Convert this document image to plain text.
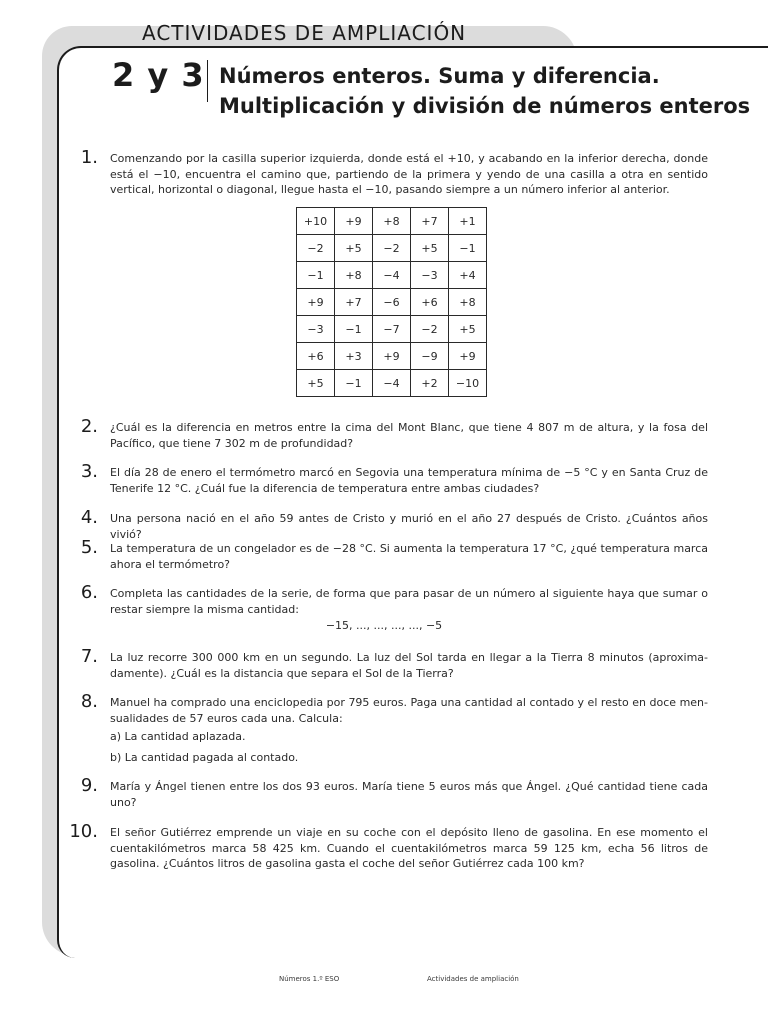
ACTIVIDADES DE AMPLIACIÓN
2 y 3 Números enteros. Suma y diferencia.
Multiplicación y división de números enteros
1. Comenzando por la casilla superior izquierda, donde está el +10, y acabando en la inferior derecha, donde está el −10, encuentra el camino que, partiendo de la primera y yendo de una casilla a otra en sentido vertical, horizontal o diagonal, llegue hasta el −10, pasando siempre a un número inferior al anterior.
+10	+9	+8	+7	+1
−2	+5	−2	+5	−1
−1	+8	−4	−3	+4
+9	+7	−6	+6	+8
−3	−1	−7	−2	+5
+6	+3	+9	−9	+9
+5	−1	−4	+2	−10
2. ¿Cuál es la diferencia en metros entre la cima del Mont Blanc, que tiene 4 807 m de altura, y la fosa del Pacífico, que tiene 7 302 m de profundidad?
3. El día 28 de enero el termómetro marcó en Segovia una temperatura mínima de −5 °C y en Santa Cruz de Tenerife 12 °C. ¿Cuál fue la diferencia de temperatura entre ambas ciudades?
4. Una persona nació en el año 59 antes de Cristo y murió en el año 27 después de Cristo. ¿Cuántos años vivió?
5. La temperatura de un congelador es de −28 °C. Si aumenta la temperatura 17 °C, ¿qué temperatura marca ahora el termómetro?
6. Completa las cantidades de la serie, de forma que para pasar de un número al siguiente haya que sumar o restar siempre la misma cantidad:
−15, ..., ..., ..., ..., −5
7. La luz recorre 300 000 km en un segundo. La luz del Sol tarda en llegar a la Tierra 8 minutos (aproxima-damente). ¿Cuál es la distancia que separa el Sol de la Tierra?
8. Manuel ha comprado una enciclopedia por 795 euros. Paga una cantidad al contado y el resto en doce men-sualidades de 57 euros cada una. Calcula:
a) La cantidad aplazada.
b) La cantidad pagada al contado.
9. María y Ángel tienen entre los dos 93 euros. María tiene 5 euros más que Ángel. ¿Qué cantidad tiene cada uno?
10. El señor Gutiérrez emprende un viaje en su coche con el depósito lleno de gasolina. En ese momento el cuentakilómetros marca 58 425 km. Cuando el cuentakilómetros marca 59 125 km, echa 56 litros de gasolina. ¿Cuántos litros de gasolina gasta el coche del señor Gutiérrez cada 100 km?
Números 1.º ESO	Actividades de ampliación
